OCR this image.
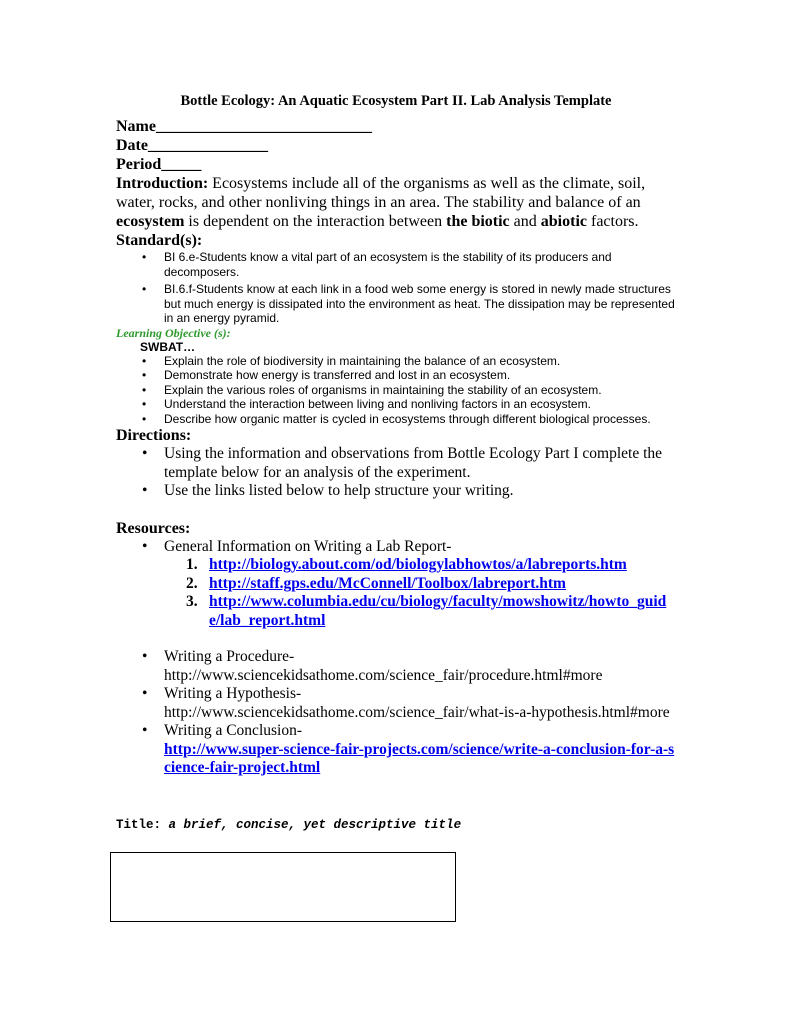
Bottle Ecology: An Aquatic Ecosystem Part II. Lab Analysis Template
Name___________________________
Date_______________
Period_____
Introduction: Ecosystems include all of the organisms as well as the climate, soil, water, rocks, and other nonliving things in an area. The stability and balance of an ecosystem is dependent on the interaction between the biotic and abiotic factors.
Standard(s):
• BI 6.e-Students know a vital part of an ecosystem is the stability of its producers and decomposers.
• BI.6.f-Students know at each link in a food web some energy is stored in newly made structures but much energy is dissipated into the environment as heat. The dissipation may be represented in an energy pyramid.
Learning Objective (s):
SWBAT…
• Explain the role of biodiversity in maintaining the balance of an ecosystem.
• Demonstrate how energy is transferred and lost in an ecosystem.
• Explain the various roles of organisms in maintaining the stability of an ecosystem.
• Understand the interaction between living and nonliving factors in an ecosystem.
• Describe how organic matter is cycled in ecosystems through different biological processes.
Directions:
• Using the information and observations from Bottle Ecology Part I complete the template below for an analysis of the experiment.
• Use the links listed below to help structure your writing.
Resources:
• General Information on Writing a Lab Report-
1. http://biology.about.com/od/biologylabhowtos/a/labreports.htm
2. http://staff.gps.edu/McConnell/Toolbox/labreport.htm
3. http://www.columbia.edu/cu/biology/faculty/mowshowitz/howto_guide/lab_report.html
• Writing a Procedure-
http://www.sciencekidsathome.com/science_fair/procedure.html#more
• Writing a Hypothesis-
http://www.sciencekidsathome.com/science_fair/what-is-a-hypothesis.html#more
• Writing a Conclusion-
http://www.super-science-fair-projects.com/science/write-a-conclusion-for-a-science-fair-project.html
Title: a brief, concise, yet descriptive title
